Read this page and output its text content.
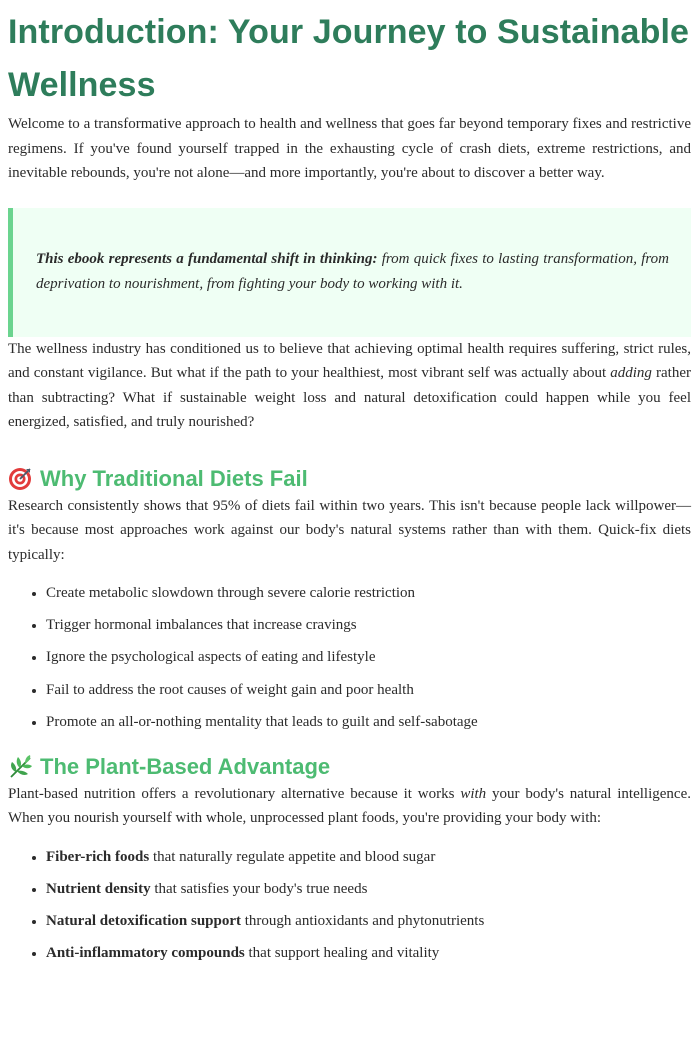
Introduction: Your Journey to Sustainable
Wellness

Welcome to a transformative approach to health and wellness that goes far beyond temporary fixes and restrictive regimens. If you've found yourself trapped in the exhausting cycle of crash diets, extreme restrictions, and inevitable rebounds, you're not alone—and more importantly, you're about to discover a better way.

This ebook represents a fundamental shift in thinking: from quick fixes to lasting transformation, from deprivation to nourishment, from fighting your body to working with it.

The wellness industry has conditioned us to believe that achieving optimal health requires suffering, strict rules, and constant vigilance. But what if the path to your healthiest, most vibrant self was actually about adding rather than subtracting? What if sustainable weight loss and natural detoxification could happen while you feel energized, satisfied, and truly nourished?

Why Traditional Diets Fail

Research consistently shows that 95% of diets fail within two years. This isn't because people lack willpower—it's because most approaches work against our body's natural systems rather than with them. Quick-fix diets typically:

• Create metabolic slowdown through severe calorie restriction
• Trigger hormonal imbalances that increase cravings
• Ignore the psychological aspects of eating and lifestyle
• Fail to address the root causes of weight gain and poor health
• Promote an all-or-nothing mentality that leads to guilt and self-sabotage
The Plant-Based Advantage

Plant-based nutrition offers a revolutionary alternative because it works with your body's natural intelligence. When you nourish yourself with whole, unprocessed plant foods, you're providing your body with:

• Fiber-rich foods that naturally regulate appetite and blood sugar
• Nutrient density that satisfies your body's true needs
• Natural detoxification support through antioxidants and phytonutrients
• Anti-inflammatory compounds that support healing and vitality
